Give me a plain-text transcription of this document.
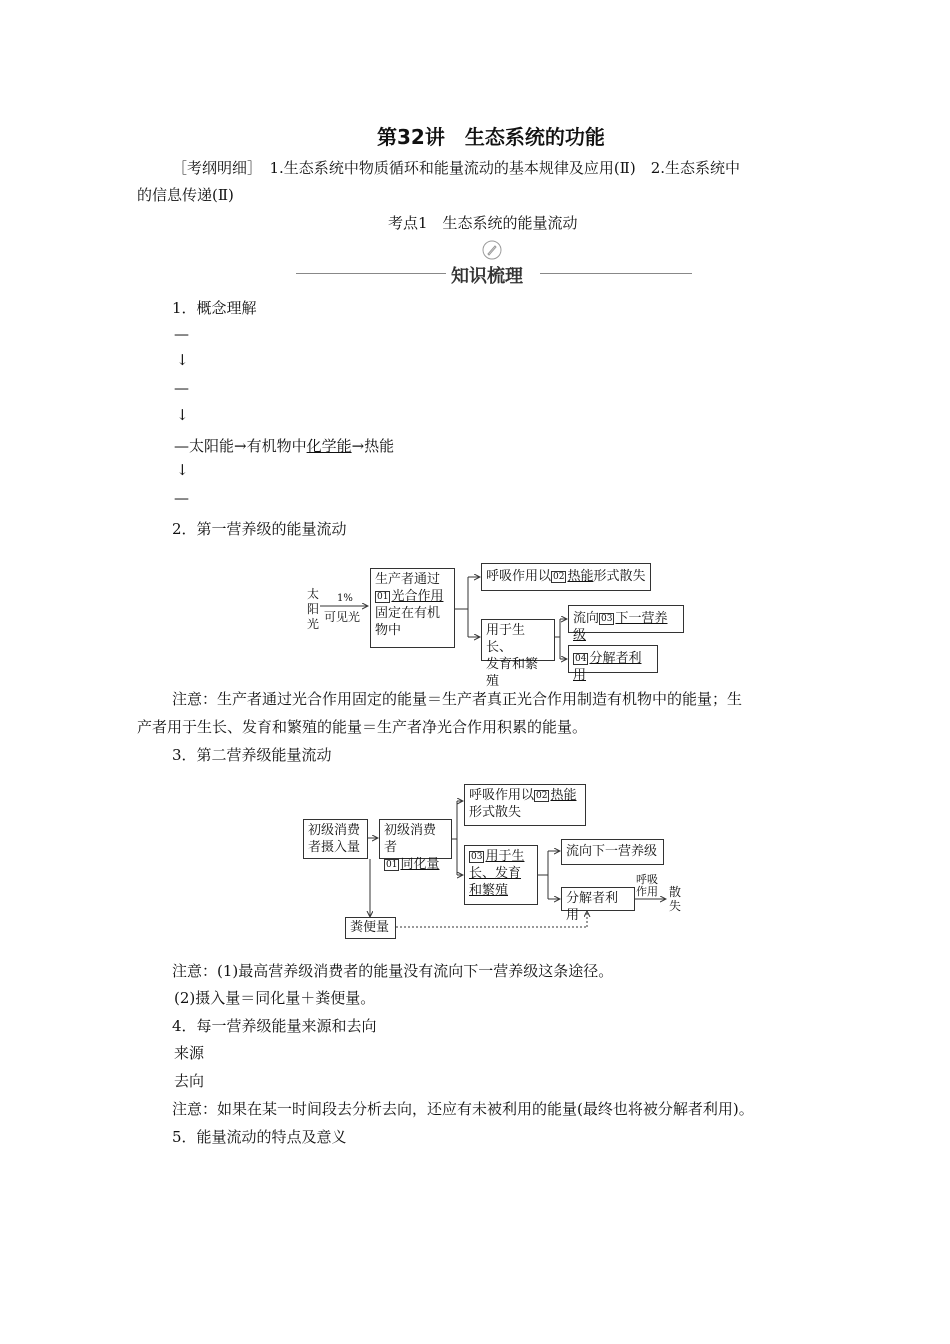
第32讲　生态系统的功能
［考纲明细］　1.生态系统中物质循环和能量流动的基本规律及应用(Ⅱ)　2.生态系统中
的信息传递(Ⅱ)
考点1　生态系统的能量流动
知识梳理
1．概念理解
—
↓
—
↓
—太阳能→有机物中化学能→热能
↓
—
2．第一营养级的能量流动
太
阳
光
1%
可见光
生产者通过
01 光合作用
固定在有机
物中
呼吸作用以 02 热能形式散失
用于生长、
发育和繁殖
流向 03 下一营养级
04 分解者利用
注意：生产者通过光合作用固定的能量＝生产者真正光合作用制造有机物中的能量；生
产者用于生长、发育和繁殖的能量＝生产者净光合作用积累的能量。
3．第二营养级能量流动
初级消费
者摄入量
初级消费者
01 同化量
呼吸作用以 02 热能
形式散失
03 用于生
长、发育
和繁殖
流向下一营养级
分解者利用
呼吸
作用 散
失
粪便量
注意：(1)最高营养级消费者的能量没有流向下一营养级这条途径。
(2)摄入量＝同化量＋粪便量。
4．每一营养级能量来源和去向
来源
去向
注意：如果在某一时间段去分析去向，还应有未被利用的能量(最终也将被分解者利用)。
5．能量流动的特点及意义
